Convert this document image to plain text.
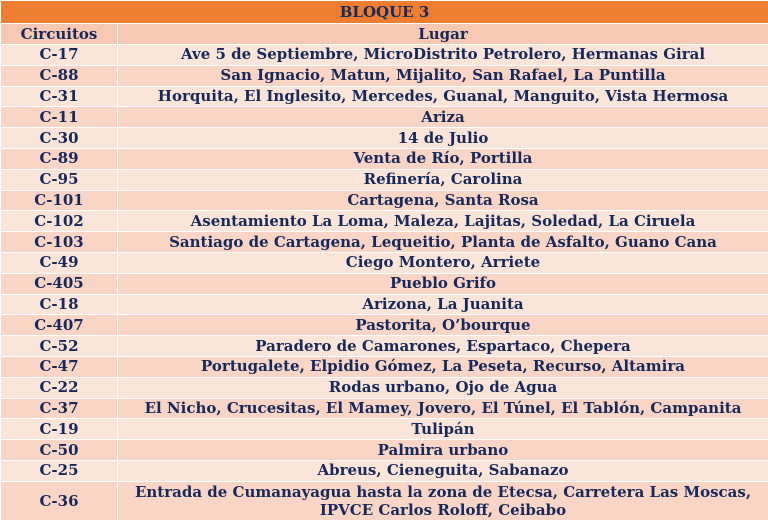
BLOQUE 3	
Circuitos	Lugar
C-17	Ave 5 de Septiembre, MicroDistrito Petrolero, Hermanas Giral
C-88	San Ignacio, Matun, Mijalito, San Rafael, La Puntilla
C-31	Horquita, El Inglesito, Mercedes, Guanal, Manguito, Vista Hermosa
C-11	Ariza
C-30	14 de Julio
C-89	Venta de Río, Portilla
C-95	Refinería, Carolina
C-101	Cartagena, Santa Rosa
C-102	Asentamiento La Loma, Maleza, Lajitas, Soledad, La Ciruela
C-103	Santiago de Cartagena, Lequeitio, Planta de Asfalto, Guano Cana
C-49	Ciego Montero, Arriete
C-405	Pueblo Grifo
C-18	Arizona, La Juanita
C-407	Pastorita, O’bourque
C-52	Paradero de Camarones, Espartaco, Chepera
C-47	Portugalete, Elpidio Gómez, La Peseta, Recurso, Altamira
C-22	Rodas urbano, Ojo de Agua
C-37	El Nicho, Crucesitas, El Mamey, Jovero, El Túnel, El Tablón, Campanita
C-19	Tulipán
C-50	Palmira urbano
C-25	Abreus, Cieneguita, Sabanazo
C-36	Entrada de Cumanayagua hasta la zona de Etecsa, Carretera Las Moscas, IPVCE Carlos Roloff, Ceibabo
